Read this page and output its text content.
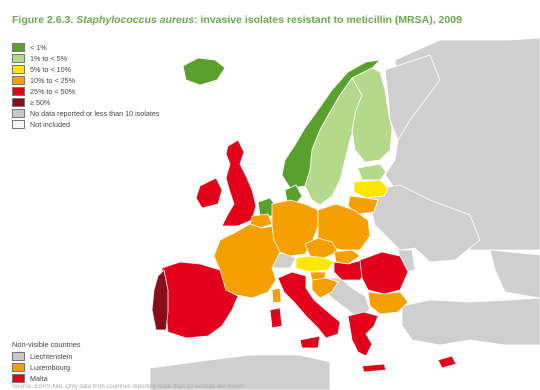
Figure 2.6.3. Staphylococcus aureus: invasive isolates resistant to meticillin (MRSA), 2009
< 1%
1% to < 5%
5% to < 10%
10% to < 25%
25% to < 50%
≥ 50%
No data reported or less than 10 isolates
Not included
Non-visible countries
Liechtenstein
Luxembourg
Malta
Source: EARS-Net. Only data from countries reporting more than 10 isolates are shown.
